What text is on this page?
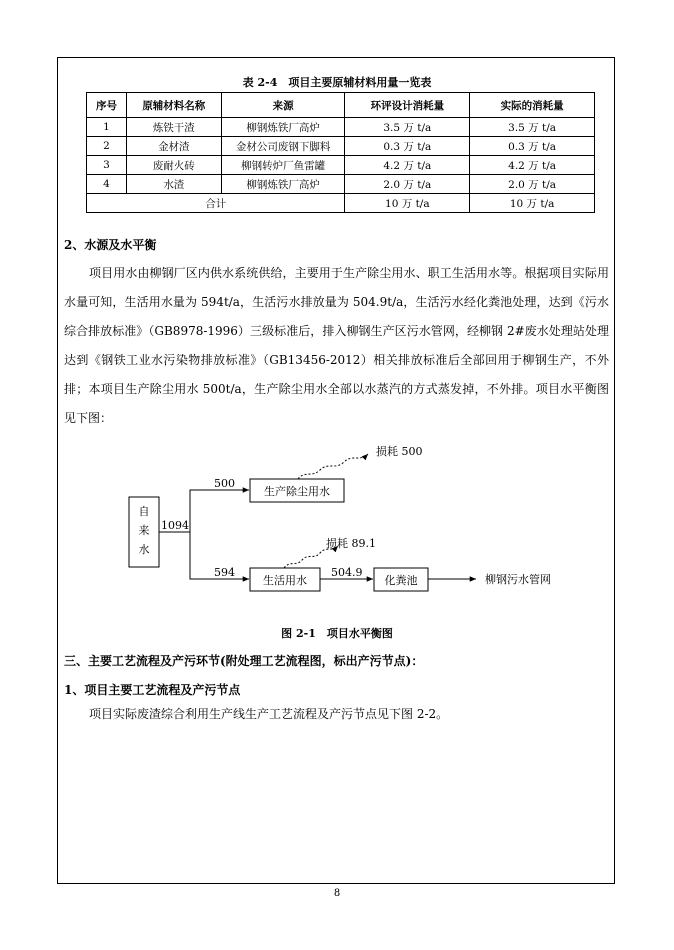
表 2-4　项目主要原辅材料用量一览表
序号	原辅材料名称	来源	环评设计消耗量	实际的消耗量
1	炼铁干渣	柳钢炼铁厂高炉	3.5 万 t/a	3.5 万 t/a
2	金材渣	金材公司废钢下脚料	0.3 万 t/a	0.3 万 t/a
3	废耐火砖	柳钢转炉厂鱼雷罐	4.2 万 t/a	4.2 万 t/a
4	水渣	柳钢炼铁厂高炉	2.0 万 t/a	2.0 万 t/a
合计			10 万 t/a	10 万 t/a
2、水源及水平衡

项目用水由柳钢厂区内供水系统供给，主要用于生产除尘用水、职工生活用水等。根据项目实际用水量可知，生活用水量为 594t/a，生活污水排放量为 504.9t/a，生活污水经化粪池处理，达到《污水综合排放标准》（GB8978-1996）三级标准后，排入柳钢生产区污水管网，经柳钢 2#废水处理站处理达到《钢铁工业水污染物排放标准》（GB13456-2012）相关排放标准后全部回用于柳钢生产，不外排；本项目生产除尘用水 500t/a，生产除尘用水全部以水蒸汽的方式蒸发掉，不外排。项目水平衡图见下图：

自
来
水
1094
500
生产除尘用水
损耗 500
594
生活用水
损耗 89.1
504.9
化粪池	柳钢污水管网
图 2-1　项目水平衡图
三、主要工艺流程及产污环节(附处理工艺流程图，标出产污节点)：
1、项目主要工艺流程及产污节点

项目实际废渣综合利用生产线生产工艺流程及产污节点见下图 2-2。

8
